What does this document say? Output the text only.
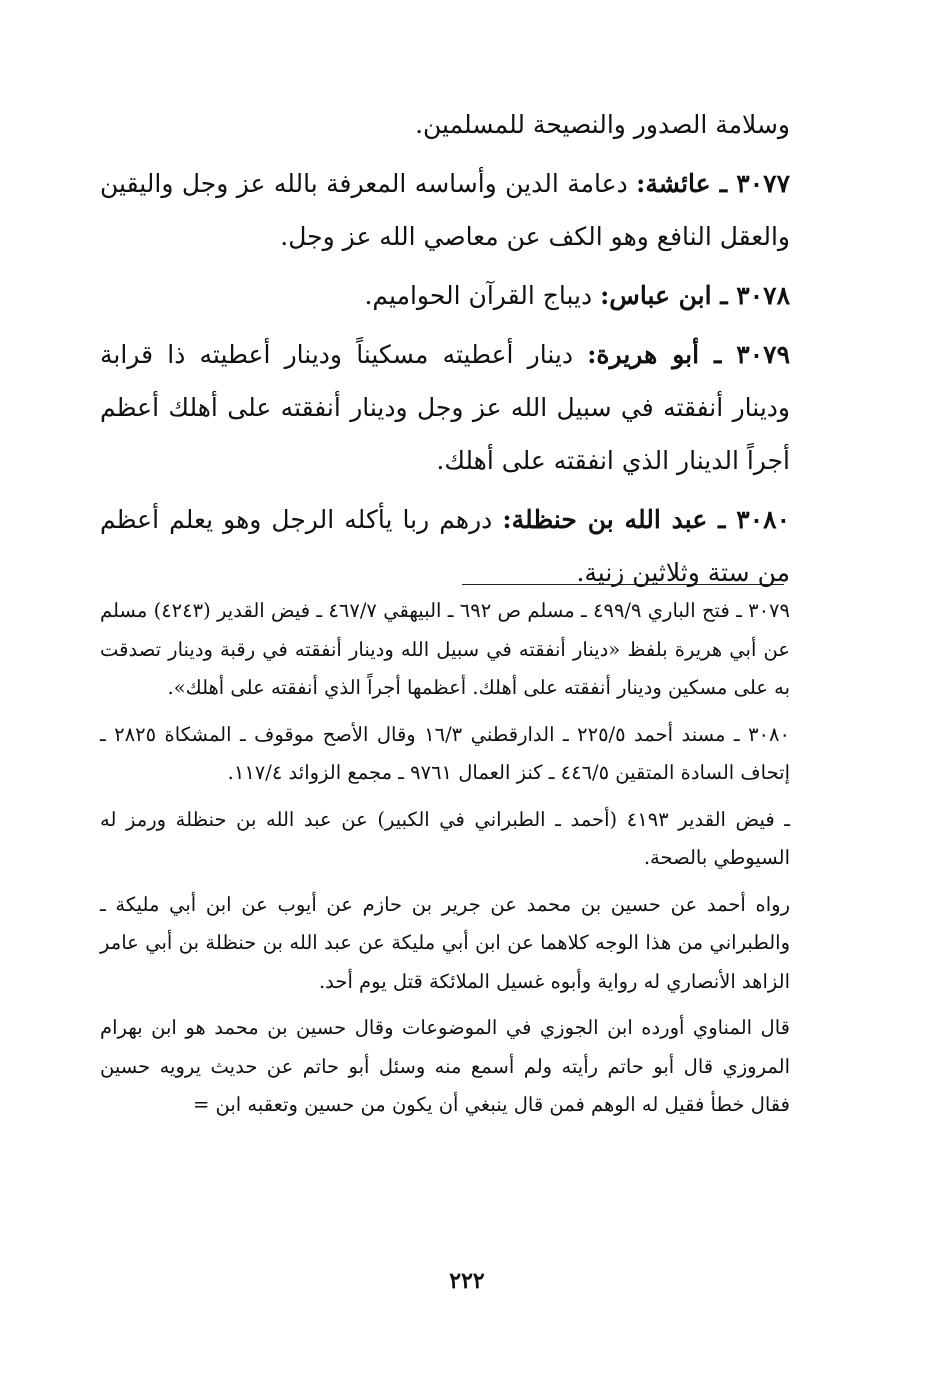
وسلامة الصدور والنصيحة للمسلمين.

٣٠٧٧ ـ عائشة: دعامة الدين وأساسه المعرفة بالله عز وجل واليقين والعقل النافع وهو الكف عن معاصي الله عز وجل.

٣٠٧٨ ـ ابن عباس: ديباج القرآن الحواميم.

٣٠٧٩ ـ أبو هريرة: دينار أعطيته مسكيناً ودينار أعطيته ذا قرابة ودينار أنفقته في سبيل الله عز وجل ودينار أنفقته على أهلك أعظم أجراً الدينار الذي انفقته على أهلك.

٣٠٨٠ ـ عبد الله بن حنظلة: درهم ربا يأكله الرجل وهو يعلم أعظم من ستة وثلاثين زنية.

٣٠٧٩ ـ فتح الباري ٤٩٩/٩ ـ مسلم ص ٦٩٢ ـ البيهقي ٤٦٧/٧ ـ فيض القدير (٤٢٤٣) مسلم عن أبي هريرة بلفظ «دينار أنفقته في سبيل الله ودينار أنفقته في رقبة ودينار تصدقت به على مسكين ودينار أنفقته على أهلك. أعظمها أجراً الذي أنفقته على أهلك».

٣٠٨٠ ـ مسند أحمد ٢٢٥/٥ ـ الدارقطني ١٦/٣ وقال الأصح موقوف ـ المشكاة ٢٨٢٥ ـ إتحاف السادة المتقين ٤٤٦/٥ ـ كنز العمال ٩٧٦١ ـ مجمع الزوائد ١١٧/٤.

ـ فيض القدير ٤١٩٣ (أحمد ـ الطبراني في الكبير) عن عبد الله بن حنظلة ورمز له السيوطي بالصحة.

رواه أحمد عن حسين بن محمد عن جرير بن حازم عن أيوب عن ابن أبي مليكة ـ والطبراني من هذا الوجه كلاهما عن ابن أبي مليكة عن عبد الله بن حنظلة بن أبي عامر الزاهد الأنصاري له رواية وأبوه غسيل الملائكة قتل يوم أحد.

قال المناوي أورده ابن الجوزي في الموضوعات وقال حسين بن محمد هو ابن بهرام المروزي قال أبو حاتم رأيته ولم أسمع منه وسئل أبو حاتم عن حديث يرويه حسين فقال خطأ فقيل له الوهم فمن قال ينبغي أن يكون من حسين وتعقبه ابن =

٢٢٢
